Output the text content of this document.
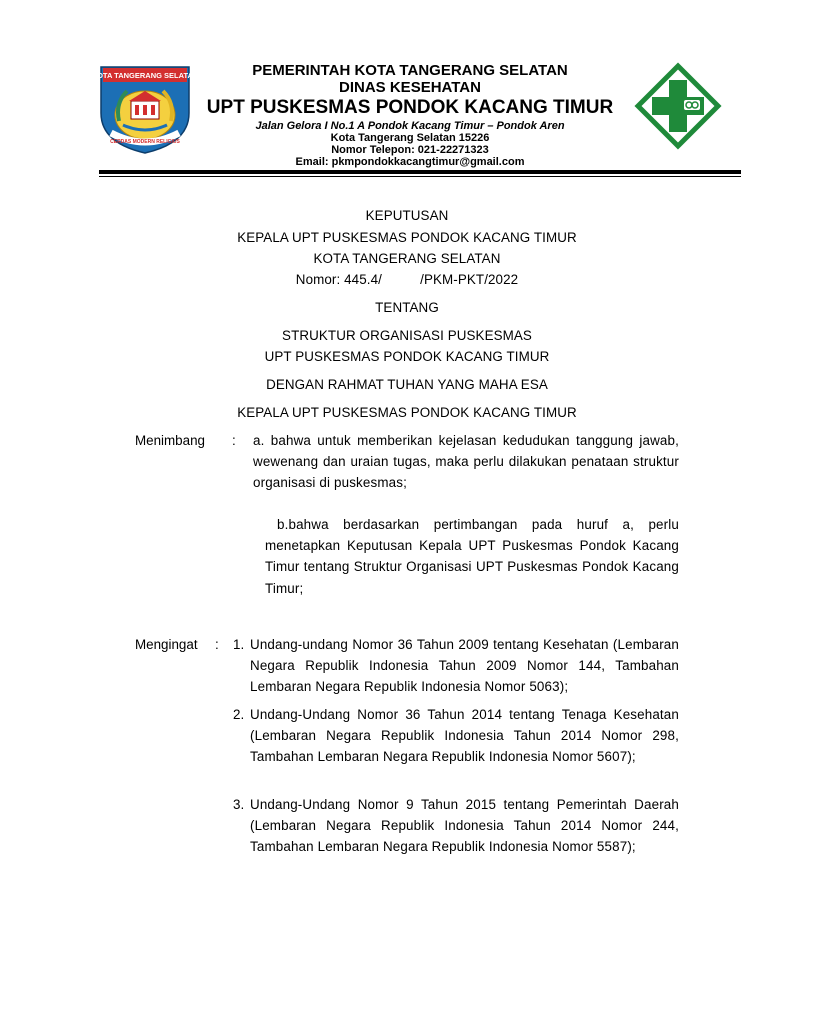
KOTA TANGERANG SELATAN
CERDAS MODERN RELIGIUS
PEMERINTAH KOTA TANGERANG SELATAN
DINAS KESEHATAN
UPT PUSKESMAS PONDOK KACANG TIMUR
Jalan Gelora I No.1 A Pondok Kacang Timur – Pondok Aren
Kota Tangerang Selatan 15226
Nomor Telepon: 021-22271323
Email: pkmpondokkacangtimur@gmail.com
KEPUTUSAN
KEPALA UPT PUSKESMAS PONDOK KACANG TIMUR
KOTA TANGERANG SELATAN
Nomor: 445.4/          /PKM-PKT/2022
TENTANG
STRUKTUR ORGANISASI PUSKESMAS
UPT PUSKESMAS PONDOK KACANG TIMUR
DENGAN RAHMAT TUHAN YANG MAHA ESA
KEPALA UPT PUSKESMAS PONDOK KACANG TIMUR
Menimbang : a. bahwa untuk memberikan kejelasan kedudukan tanggung jawab, wewenang dan uraian tugas, maka perlu dilakukan penataan struktur organisasi di puskesmas;
b.bahwa berdasarkan pertimbangan pada huruf a, perlu menetapkan Keputusan Kepala UPT Puskesmas Pondok Kacang Timur tentang Struktur Organisasi UPT Puskesmas Pondok Kacang Timur;
Mengingat : 1. Undang-undang Nomor 36 Tahun 2009 tentang Kesehatan (Lembaran Negara Republik Indonesia Tahun 2009 Nomor 144, Tambahan Lembaran Negara Republik Indonesia Nomor 5063);
2. Undang-Undang Nomor 36 Tahun 2014 tentang Tenaga Kesehatan (Lembaran Negara Republik Indonesia Tahun 2014 Nomor 298, Tambahan Lembaran Negara Republik Indonesia Nomor 5607);
3. Undang-Undang Nomor 9 Tahun 2015 tentang Pemerintah Daerah (Lembaran Negara Republik Indonesia Tahun 2014 Nomor 244, Tambahan Lembaran Negara Republik Indonesia Nomor 5587);
